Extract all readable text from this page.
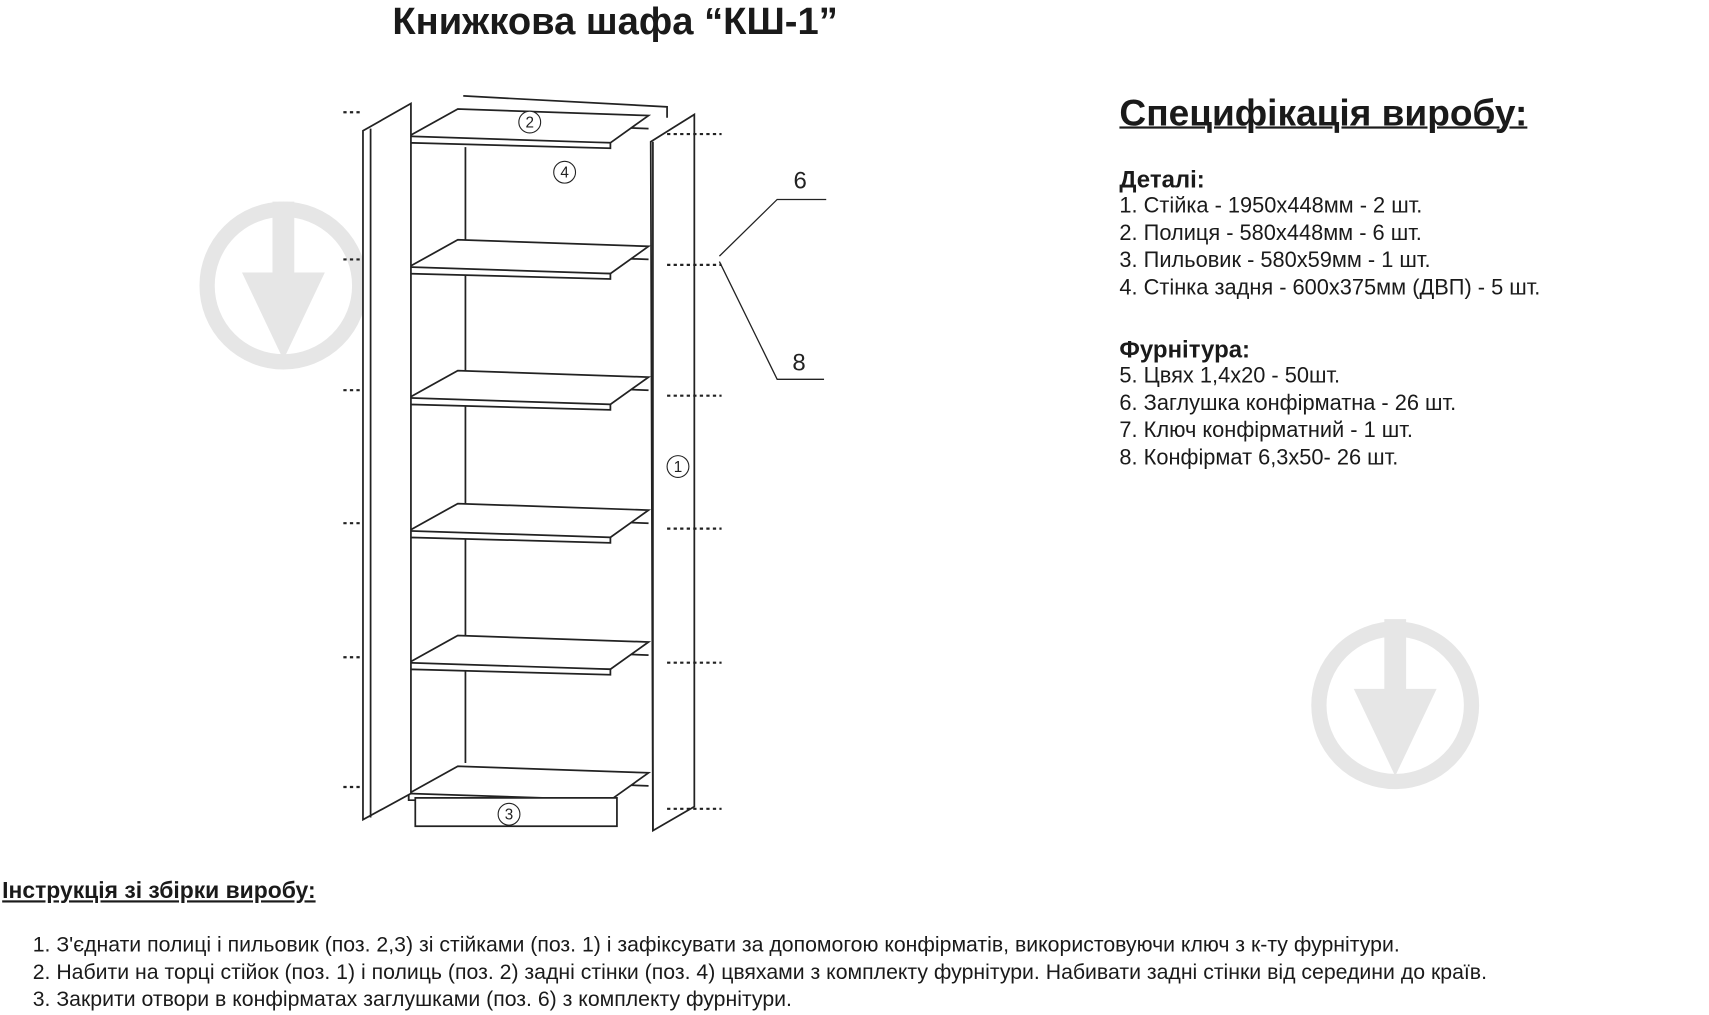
6
8
2
4
1
3
Книжкова шафа “КШ-1”
Специфікація виробу:
Деталі:
1. Стійка - 1950х448мм - 2 шт.
2. Полиця - 580х448мм - 6 шт.
3. Пильовик - 580х59мм - 1 шт.
4. Стінка задня - 600х375мм (ДВП) - 5 шт.
Фурнітура:
5. Цвях 1,4х20 - 50шт.
6. Заглушка конфірматна - 26 шт.
7. Ключ конфірматний - 1 шт.
8. Конфірмат 6,3х50- 26 шт.
Інструкція зі збірки виробу:
1. З'єднати полиці і пильовик (поз. 2,3) зі стійками (поз. 1) і зафіксувати за допомогою конфірматів, використовуючи ключ з к-ту фурнітури.
2. Набити на торці стійок (поз. 1) і полиць (поз. 2) задні стінки (поз. 4) цвяхами з комплекту фурнітури. Набивати задні стінки від середини до країв.
3. Закрити отвори в конфірматах заглушками (поз. 6) з комплекту фурнітури.
